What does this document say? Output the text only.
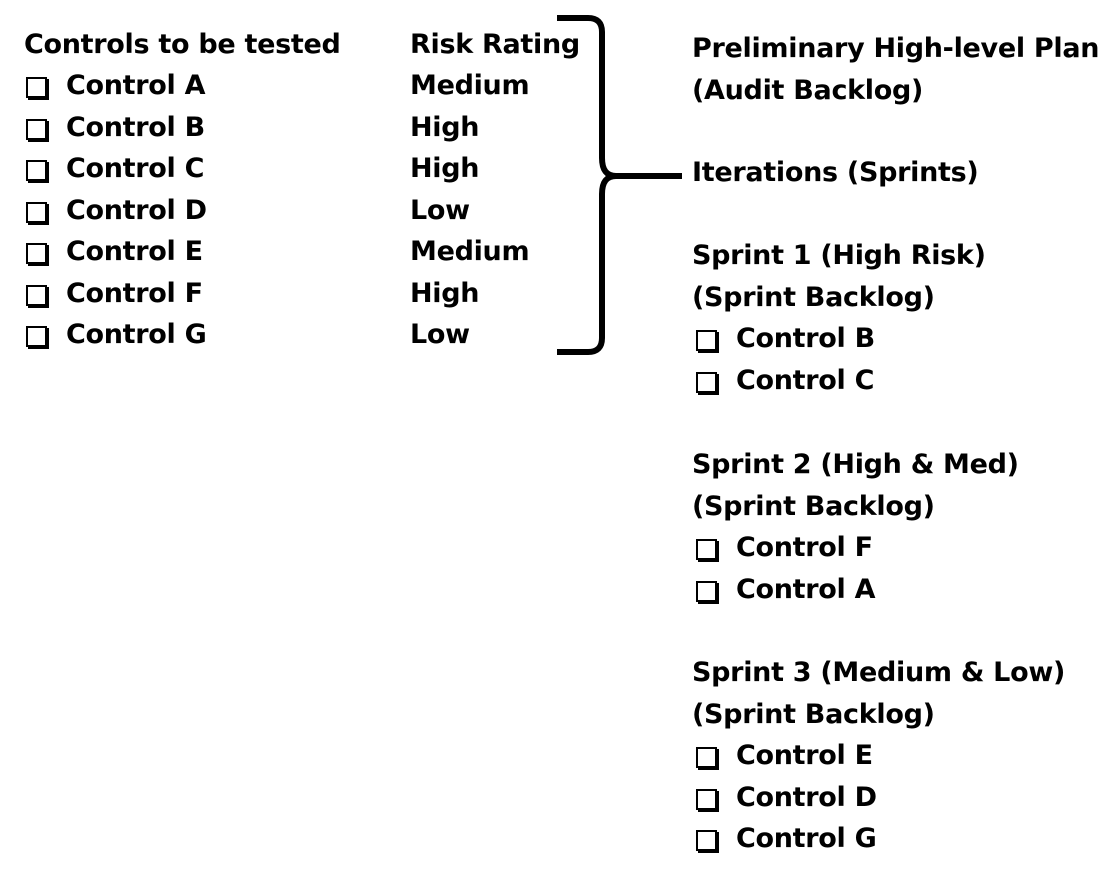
Controls to be tested
Control A
Control B
Control C
Control D
Control E
Control F
Control G
Risk Rating
Medium
High
High
Low
Medium
High
Low
Preliminary High-level Plan
(Audit Backlog)
Iterations (Sprints)
Sprint 1 (High Risk)
(Sprint Backlog)
Control B
Control C
Sprint 2 (High & Med)
(Sprint Backlog)
Control F
Control A
Sprint 3 (Medium & Low)
(Sprint Backlog)
Control E
Control D
Control G
